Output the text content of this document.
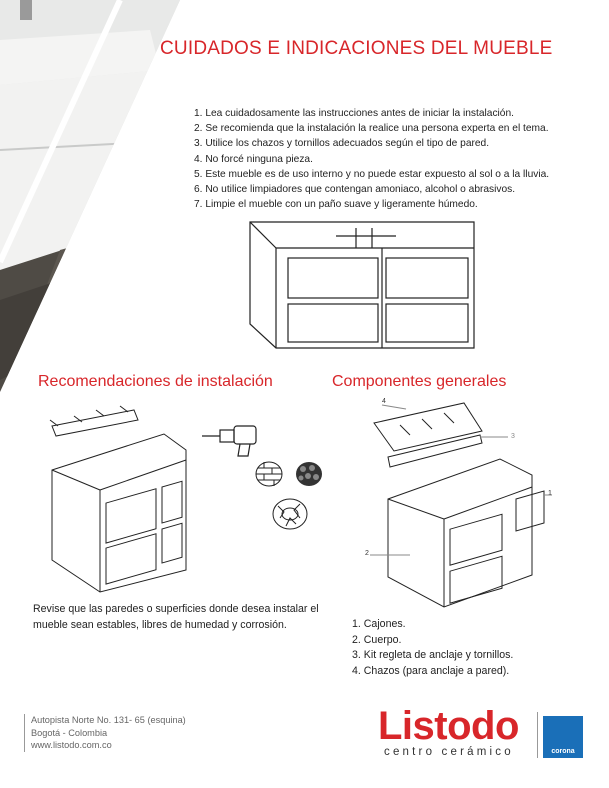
CUIDADOS E INDICACIONES DEL MUEBLE
1. Lea cuidadosamente las instrucciones antes de iniciar la instalación.
2. Se recomienda que la instalación la realice una persona experta en el tema.
3. Utilice los chazos y tornillos adecuados según el tipo de pared.
4. No forcé ninguna pieza.
5. Este mueble es de uso interno y no puede estar expuesto al sol o a la lluvia.
6. No utilice limpiadores que contengan amoniaco, alcohol o abrasivos.
7. Limpie el mueble con un paño suave y ligeramente húmedo.
Recomendaciones de instalación	Componentes generales
4
3
1
2
Revise que las paredes o superficies donde desea instalar el mueble sean estables, libres de humedad y corrosión.	1. Cajones.
2. Cuerpo.
3. Kit regleta de anclaje y tornillos.
4. Chazos (para anclaje a pared).
Autopista Norte No. 131- 65 (esquina)
Bogotá - Colombia
www.listodo.com.co	Listodo
centro cerámico	corona
